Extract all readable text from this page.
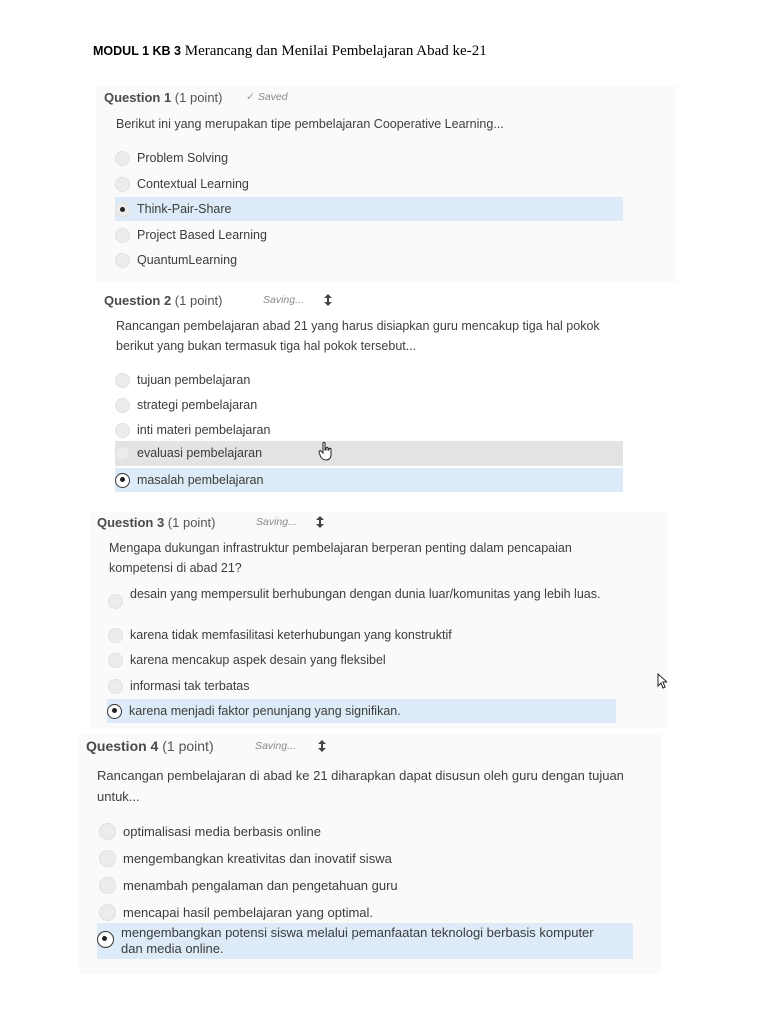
MODUL 1 KB 3 Merancang dan Menilai Pembelajaran Abad ke-21
Question 1 (1 point) ✓ Saved
Berikut ini yang merupakan tipe pembelajaran Cooperative Learning...
Problem Solving
Contextual Learning
Think-Pair-Share
Project Based Learning
QuantumLearning
Question 2 (1 point)	Saving...
Rancangan pembelajaran abad 21 yang harus disiapkan guru mencakup tiga hal pokok berikut yang bukan termasuk tiga hal pokok tersebut...
tujuan pembelajaran
strategi pembelajaran
inti materi pembelajaran
evaluasi pembelajaran
masalah pembelajaran
Question 3 (1 point)	Saving...
Mengapa dukungan infrastruktur pembelajaran berperan penting dalam pencapaian kompetensi di abad 21?
desain yang mempersulit berhubungan dengan dunia luar/komunitas yang lebih luas.
karena tidak memfasilitasi keterhubungan yang konstruktif
karena mencakup aspek desain yang fleksibel
informasi tak terbatas
karena menjadi faktor penunjang yang signifikan.
Question 4 (1 point)	Saving...
Rancangan pembelajaran di abad ke 21 diharapkan dapat disusun oleh guru dengan tujuan untuk...
optimalisasi media berbasis online
mengembangkan kreativitas dan inovatif siswa
menambah pengalaman dan pengetahuan guru
mencapai hasil pembelajaran yang optimal.
mengembangkan potensi siswa melalui pemanfaatan teknologi berbasis komputer dan media online.
